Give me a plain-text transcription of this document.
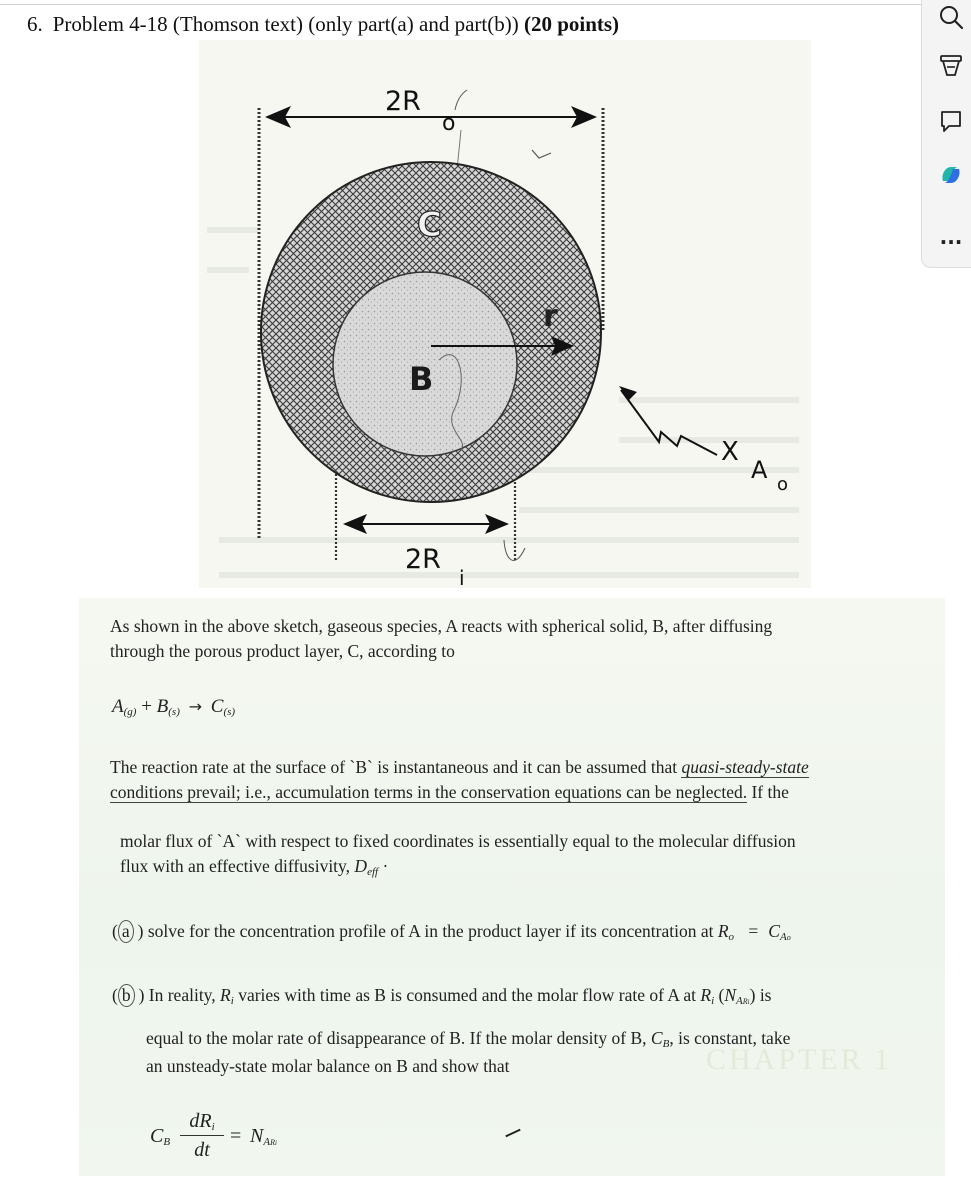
6. Problem 4-18 (Thomson text) (only part(a) and part(b)) (20 points)
...
2R
o
C
B
r
X
A
o
2R
i
CHAPTER 1
As shown in the above sketch, gaseous species, A reacts with spherical solid, B, after diffusing
through the porous product layer, C, according to
$A_{(g)} + B_{(s)} \to C_{(s)}$
The reaction rate at the surface of `B` is instantaneous and it can be assumed that quasi-steady-state
conditions prevail; i.e., accumulation terms in the conservation equations can be neglected. If the
molar flux of `A` with respect to fixed coordinates is essentially equal to the molecular diffusion
flux with an effective diffusivity, $D_{eff}$ ·
( a ) solve for the concentration profile of A in the product layer if its concentration at $R_o = C_{Ao}$
( b ) In reality, $R_i$ varies with time as B is consumed and the molar flow rate of A at $R_i$ $(N_{ARi})$ is
equal to the molar rate of disappearance of B. If the molar density of B, $C_B$, is constant, take
an unsteady-state molar balance on B and show that
$C_B$
$dR_i$
dt
= $N_{ARi}$
